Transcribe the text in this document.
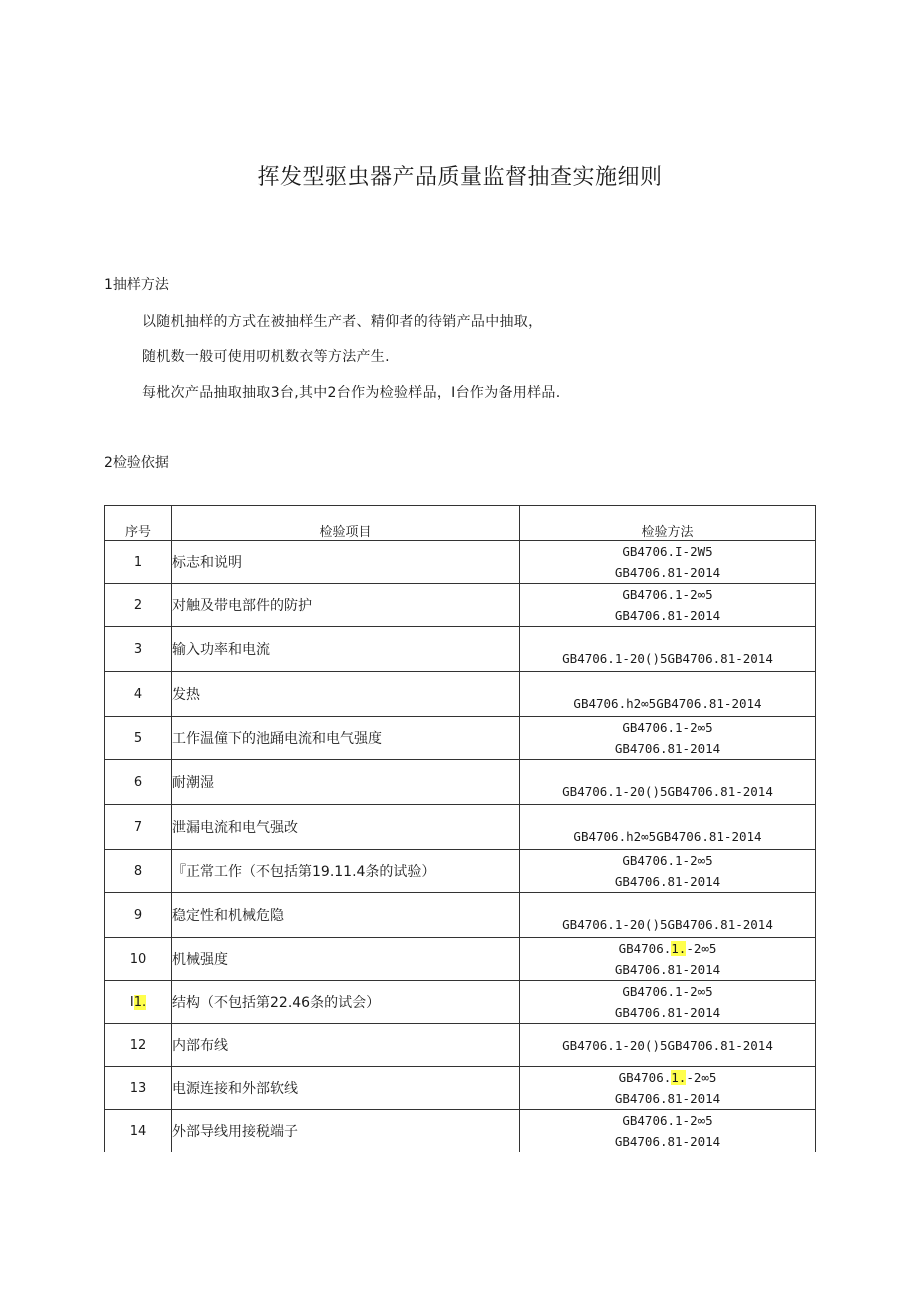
挥发型驱虫器产品质量监督抽查实施细则
1抽样方法
以随机抽样的方式在被抽样生产者、精仰者的待销产品中抽取，
随机数一般可使用叨机数衣等方法产生.
每枇次产品抽取抽取3台,其中2台作为检验样品，I台作为备用样品.
2检验依据
序号	检验项目	检验方法
1	标志和说明	GB4706.I-2W5
GB4706.81-2014

2	对触及带电部件的防护	GB4706.1-2∞5
GB4706.81-2014

3	输入功率和电流	GB4706.1-20()5GB4706.81-2014
4	发热	GB4706.h2∞5GB4706.81-2014
5	工作温僮下的池踊电流和电气强度	GB4706.1-2∞5
GB4706.81-2014

6	耐潮湿	GB4706.1-20()5GB4706.81-2014
7	泄漏电流和电气强改	GB4706.h2∞5GB4706.81-2014
8	『正常工作（不包括第19.11.4条的试验）	GB4706.1-2∞5
GB4706.81-2014

9	稳定性和机械危隐	GB4706.1-20()5GB4706.81-2014
10	机械强度	GB4706.1.-2∞5
GB4706.81-2014

I1.	结构（不包括第22.46条的试会）	GB4706.1-2∞5
GB4706.81-2014

12	内部布线	GB4706.1-20()5GB4706.81-2014
13	电源连接和外部软线	GB4706.1.-2∞5
GB4706.81-2014

14	外部导线用接税端子	GB4706.1-2∞5
GB4706.81-2014
